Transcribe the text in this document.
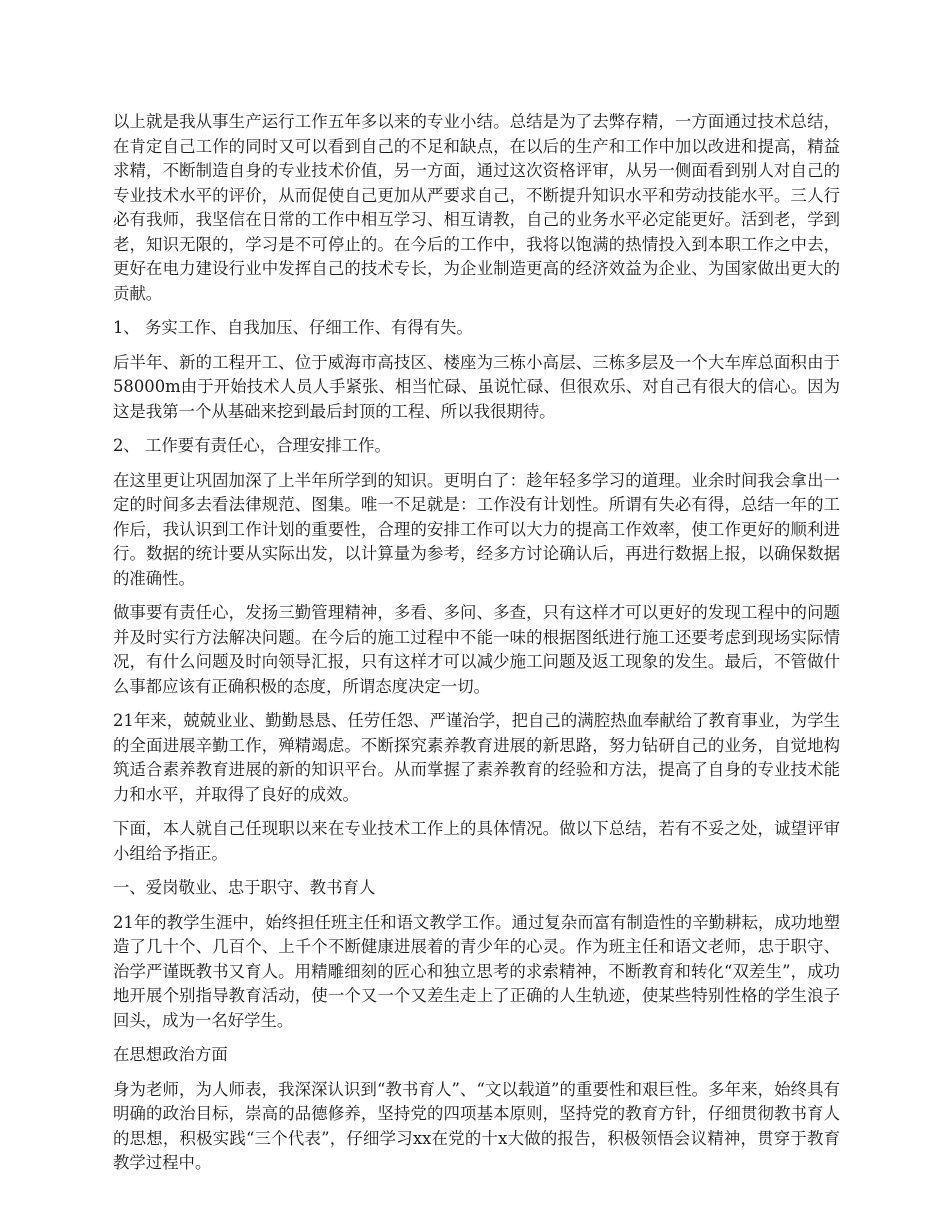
以上就是我从事生产运行工作五年多以来的专业小结。总结是为了去弊存精，一方面通过技术总结，在肯定自己工作的同时又可以看到自己的不足和缺点，在以后的生产和工作中加以改进和提高，精益求精，不断制造自身的专业技术价值，另一方面，通过这次资格评审，从另一侧面看到别人对自己的专业技术水平的评价，从而促使自己更加从严要求自己，不断提升知识水平和劳动技能水平。三人行必有我师，我坚信在日常的工作中相互学习、相互请教，自己的业务水平必定能更好。活到老，学到老，知识无限的，学习是不可停止的。在今后的工作中，我将以饱满的热情投入到本职工作之中去，更好在电力建设行业中发挥自己的技术专长，为企业制造更高的经济效益为企业、为国家做出更大的贡献。

1、 务实工作、自我加压、仔细工作、有得有失。

后半年、新的工程开工、位于威海市高技区、楼座为三栋小高层、三栋多层及一个大车库总面积由于58000m由于开始技术人员人手紧张、相当忙碌、虽说忙碌、但很欢乐、对自己有很大的信心。因为这是我第一个从基础来挖到最后封顶的工程、所以我很期待。

2、 工作要有责任心，合理安排工作。

在这里更让巩固加深了上半年所学到的知识。更明白了：趁年轻多学习的道理。业余时间我会拿出一定的时间多去看法律规范、图集。唯一不足就是：工作没有计划性。所谓有失必有得，总结一年的工作后，我认识到工作计划的重要性，合理的安排工作可以大力的提高工作效率，使工作更好的顺利进行。数据的统计要从实际出发，以计算量为参考，经多方讨论确认后，再进行数据上报，以确保数据的准确性。

做事要有责任心，发扬三勤管理精神，多看、多问、多查，只有这样才可以更好的发现工程中的问题并及时实行方法解决问题。在今后的施工过程中不能一味的根据图纸进行施工还要考虑到现场实际情况，有什么问题及时向领导汇报，只有这样才可以减少施工问题及返工现象的发生。最后，不管做什么事都应该有正确积极的态度，所谓态度决定一切。

21年来，兢兢业业、勤勤恳恳、任劳任怨、严谨治学，把自己的满腔热血奉献给了教育事业，为学生的全面进展辛勤工作，殚精竭虑。不断探究素养教育进展的新思路，努力钻研自己的业务，自觉地构筑适合素养教育进展的新的知识平台。从而掌握了素养教育的经验和方法，提高了自身的专业技术能力和水平，并取得了良好的成效。

下面，本人就自己任现职以来在专业技术工作上的具体情况。做以下总结，若有不妥之处，诚望评审小组给予指正。

一、爱岗敬业、忠于职守、教书育人

21年的教学生涯中，始终担任班主任和语文教学工作。通过复杂而富有制造性的辛勤耕耘，成功地塑造了几十个、几百个、上千个不断健康进展着的青少年的心灵。作为班主任和语文老师，忠于职守、治学严谨既教书又育人。用精雕细刻的匠心和独立思考的求索精神，不断教育和转化“双差生”，成功地开展个别指导教育活动，使一个又一个又差生走上了正确的人生轨迹，使某些特别性格的学生浪子回头，成为一名好学生。

在思想政治方面

身为老师，为人师表，我深深认识到“教书育人”、“文以载道”的重要性和艰巨性。多年来，始终具有明确的政治目标，崇高的品德修养，坚持党的四项基本原则，坚持党的教育方针，仔细贯彻教书育人的思想，积极实践“三个代表”，仔细学习xx在党的十x大做的报告，积极领悟会议精神，贯穿于教育教学过程中。
